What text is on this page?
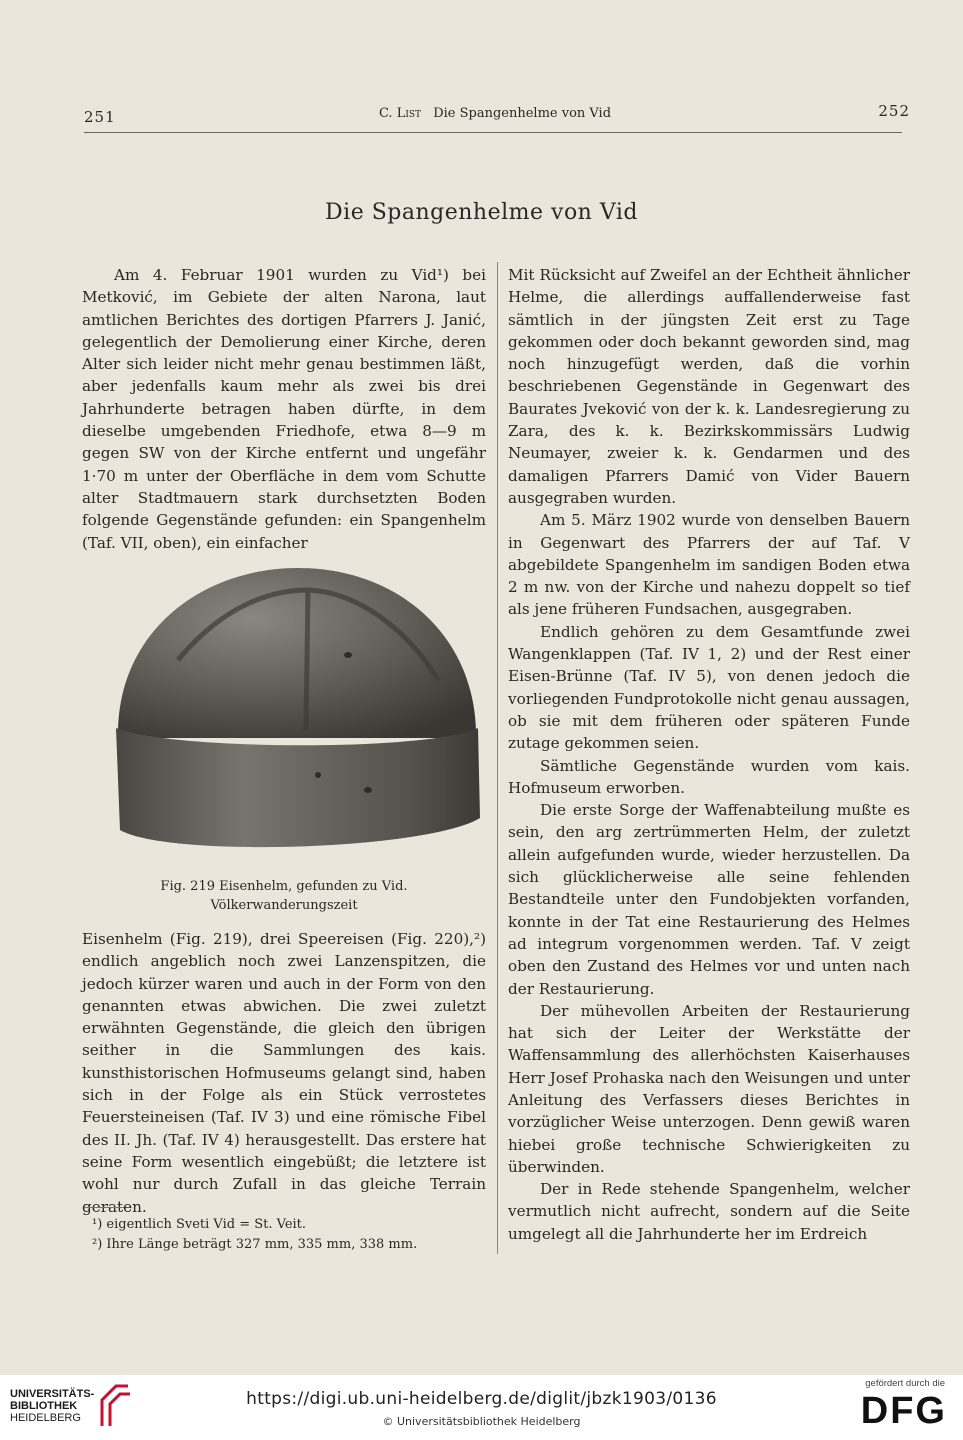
251	C. List Die Spangenhelme von Vid	252
Die Spangenhelme von Vid

Am 4. Februar 1901 wurden zu Vid¹) bei Metković, im Gebiete der alten Narona, laut amtlichen Berichtes des dortigen Pfarrers J. Janić, gelegentlich der Demolierung einer Kirche, deren Alter sich leider nicht mehr genau bestimmen läßt, aber jedenfalls kaum mehr als zwei bis drei Jahrhunderte betragen haben dürfte, in dem dieselbe umgebenden Friedhofe, etwa 8—9 m gegen SW von der Kirche entfernt und ungefähr 1·70 m unter der Oberfläche in dem vom Schutte alter Stadtmauern stark durchsetzten Boden folgende Gegenstände gefunden: ein Spangenhelm (Taf. VII, oben), ein einfacher

Fig. 219 Eisenhelm, gefunden zu Vid.
Völkerwanderungszeit

Eisenhelm (Fig. 219), drei Speereisen (Fig. 220),²) endlich angeblich noch zwei Lanzenspitzen, die jedoch kürzer waren und auch in der Form von den genannten etwas abwichen. Die zwei zuletzt erwähnten Gegenstände, die gleich den übrigen seither in die Sammlungen des kais. kunsthistorischen Hofmuseums gelangt sind, haben sich in der Folge als ein Stück verrostetes Feuersteineisen (Taf. IV 3) und eine römische Fibel des II. Jh. (Taf. IV 4) herausgestellt. Das erstere hat seine Form wesentlich eingebüßt; die letztere ist wohl nur durch Zufall in das gleiche Terrain geraten.

¹) eigentlich Sveti Vid = St. Veit.
²) Ihre Länge beträgt 327 mm, 335 mm, 338 mm.

Mit Rücksicht auf Zweifel an der Echtheit ähnlicher Helme, die allerdings auffallenderweise fast sämtlich in der jüngsten Zeit erst zu Tage gekommen oder doch bekannt geworden sind, mag noch hinzugefügt werden, daß die vorhin beschriebenen Gegenstände in Gegenwart des Baurates Jveković von der k. k. Landesregierung zu Zara, des k. k. Bezirkskommissärs Ludwig Neumayer, zweier k. k. Gendarmen und des damaligen Pfarrers Damić von Vider Bauern ausgegraben wurden.

Am 5. März 1902 wurde von denselben Bauern in Gegenwart des Pfarrers der auf Taf. V abgebildete Spangenhelm im sandigen Boden etwa 2 m nw. von der Kirche und nahezu doppelt so tief als jene früheren Fundsachen, ausgegraben.

Endlich gehören zu dem Gesamtfunde zwei Wangenklappen (Taf. IV 1, 2) und der Rest einer Eisen-Brünne (Taf. IV 5), von denen jedoch die vorliegenden Fundprotokolle nicht genau aussagen, ob sie mit dem früheren oder späteren Funde zutage gekommen seien.

Sämtliche Gegenstände wurden vom kais. Hofmuseum erworben.

Die erste Sorge der Waffenabteilung mußte es sein, den arg zertrümmerten Helm, der zuletzt allein aufgefunden wurde, wieder herzustellen. Da sich glücklicherweise alle seine fehlenden Bestandteile unter den Fundobjekten vorfanden, konnte in der Tat eine Restaurierung des Helmes ad integrum vorgenommen werden. Taf. V zeigt oben den Zustand des Helmes vor und unten nach der Restaurierung.

Der mühevollen Arbeiten der Restaurierung hat sich der Leiter der Werkstätte der Waffensammlung des allerhöchsten Kaiserhauses Herr Josef Prohaska nach den Weisungen und unter Anleitung des Verfassers dieses Berichtes in vorzüglicher Weise unterzogen. Denn gewiß waren hiebei große technische Schwierigkeiten zu überwinden.

Der in Rede stehende Spangenhelm, welcher vermutlich nicht aufrecht, sondern auf die Seite umgelegt all die Jahrhunderte her im Erdreich

UNIVERSITÄTS-
BIBLIOTHEK
HEIDELBERG
https://digi.ub.uni-heidelberg.de/diglit/jbzk1903/0136
© Universitätsbibliothek Heidelberg
gefördert durch die
DFG
